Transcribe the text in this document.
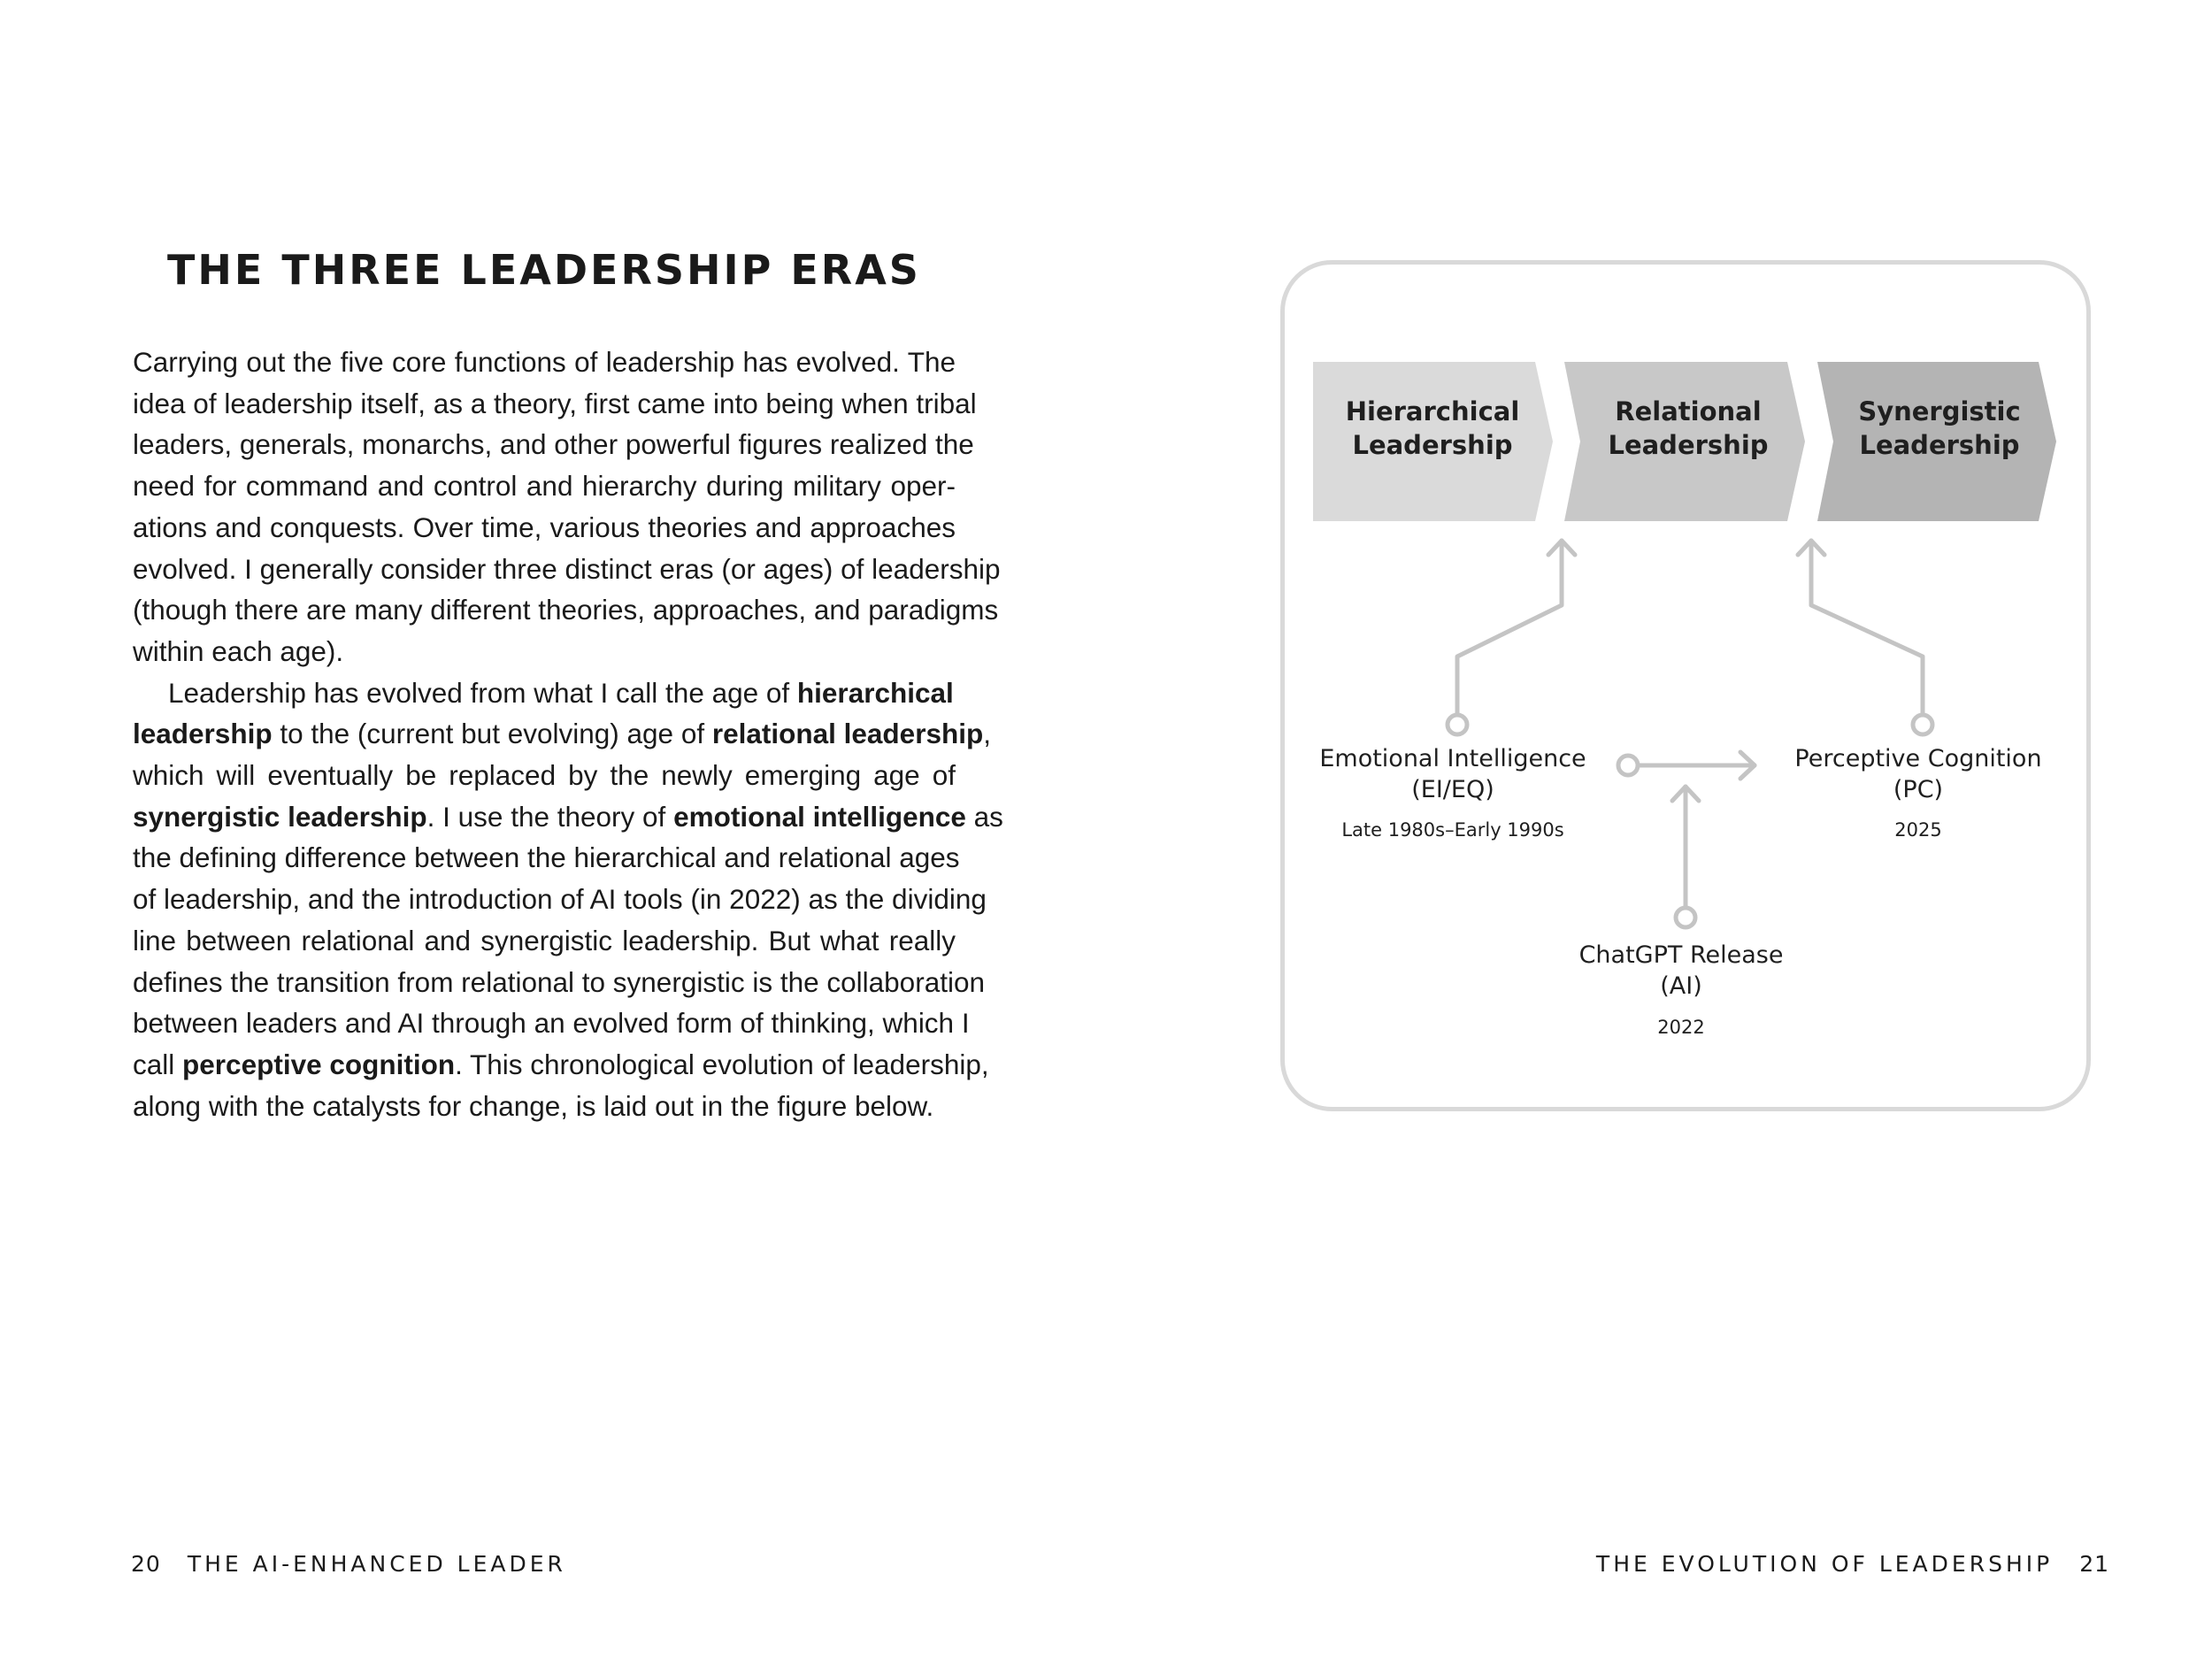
THE THREE LEADERSHIP ERAS

Carrying out the five core functions of leadership has evolved. The
idea of leadership itself, as a theory, first came into being when tribal
leaders, generals, monarchs, and other powerful figures realized the
need for command and control and hierarchy during military oper-
ations and conquests. Over time, various theories and approaches
evolved. I generally consider three distinct eras (or ages) of leadership
(though there are many different theories, approaches, and paradigms
within each age).

Leadership has evolved from what I call the age of hierarchical
leadership to the (current but evolving) age of relational leadership,
which will eventually be replaced by the newly emerging age of
synergistic leadership. I use the theory of emotional intelligence as
the defining difference between the hierarchical and relational ages
of leadership, and the introduction of AI tools (in 2022) as the dividing
line between relational and synergistic leadership. But what really
defines the transition from relational to synergistic is the collaboration
between leaders and AI through an evolved form of thinking, which I
call perceptive cognition. This chronological evolution of leadership,
along with the catalysts for change, is laid out in the figure below.

20 THE AI-ENHANCED LEADER
Hierarchical
Leadership
Relational
Leadership
Synergistic
Leadership
Emotional Intelligence
(EI/EQ)
Late 1980s–Early 1990s
ChatGPT Release
(AI)
2022
Perceptive Cognition
(PC)
2025
THE EVOLUTION OF LEADERSHIP 21
